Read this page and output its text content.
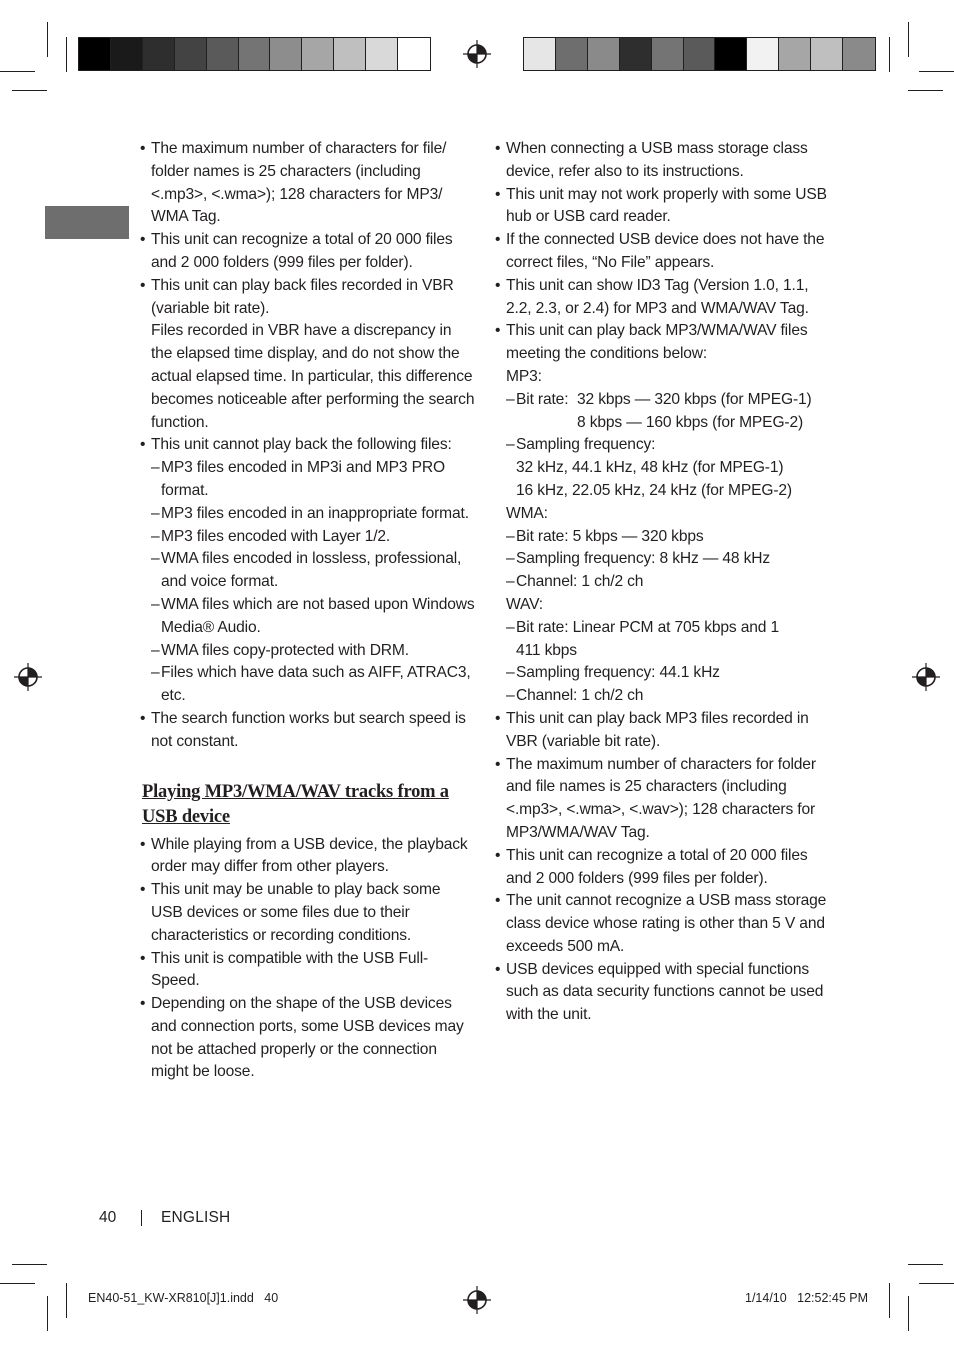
• The maximum number of characters for file/ folder names is 25 characters (including <.mp3>, <.wma>); 128 characters for MP3/ WMA Tag.
• This unit can recognize a total of 20 000 files and 2 000 folders (999 files per folder).
• This unit can play back files recorded in VBR (variable bit rate).
Files recorded in VBR have a discrepancy in the elapsed time display, and do not show the actual elapsed time. In particular, this difference becomes noticeable after performing the search function.
• This unit cannot play back the following files:
– MP3 files encoded in MP3i and MP3 PRO format.
– MP3 files encoded in an inappropriate format.
– MP3 files encoded with Layer 1/2.
– WMA files encoded in lossless, professional, and voice format.
– WMA files which are not based upon Windows Media® Audio.
– WMA files copy-protected with DRM.
– Files which have data such as AIFF, ATRAC3, etc.
• The search function works but search speed is not constant.
Playing MP3/WMA/WAV tracks from a USB device
• While playing from a USB device, the playback order may differ from other players.
• This unit may be unable to play back some USB devices or some files due to their characteristics or recording conditions.
• This unit is compatible with the USB Full-Speed.
• Depending on the shape of the USB devices and connection ports, some USB devices may not be attached properly or the connection might be loose.
• When connecting a USB mass storage class device, refer also to its instructions.
• This unit may not work properly with some USB hub or USB card reader.
• If the connected USB device does not have the correct files, “No File” appears.
• This unit can show ID3 Tag (Version 1.0, 1.1, 2.2, 2.3, or 2.4) for MP3 and WMA/WAV Tag.
• This unit can play back MP3/WMA/WAV files meeting the conditions below:
MP3:
– Bit rate: 32 kbps — 320 kbps (for MPEG-1)
8 kbps — 160 kbps (for MPEG-2)
– Sampling frequency:
32 kHz, 44.1 kHz, 48 kHz (for MPEG-1)
16 kHz, 22.05 kHz, 24 kHz (for MPEG-2)
WMA:
– Bit rate: 5 kbps — 320 kbps
– Sampling frequency: 8 kHz — 48 kHz
– Channel: 1 ch/2 ch
WAV:
– Bit rate: Linear PCM at 705 kbps and 1 411 kbps
– Sampling frequency: 44.1 kHz
– Channel: 1 ch/2 ch
• This unit can play back MP3 files recorded in VBR (variable bit rate).
• The maximum number of characters for folder and file names is 25 characters (including <.mp3>, <.wma>, <.wav>); 128 characters for MP3/WMA/WAV Tag.
• This unit can recognize a total of 20 000 files and 2 000 folders (999 files per folder).
• The unit cannot recognize a USB mass storage class device whose rating is other than 5 V and exceeds 500 mA.
• USB devices equipped with special functions such as data security functions cannot be used with the unit.
40	ENGLISH
EN40-51_KW-XR810[J]1.indd   40	1/14/10   12:52:45 PM
